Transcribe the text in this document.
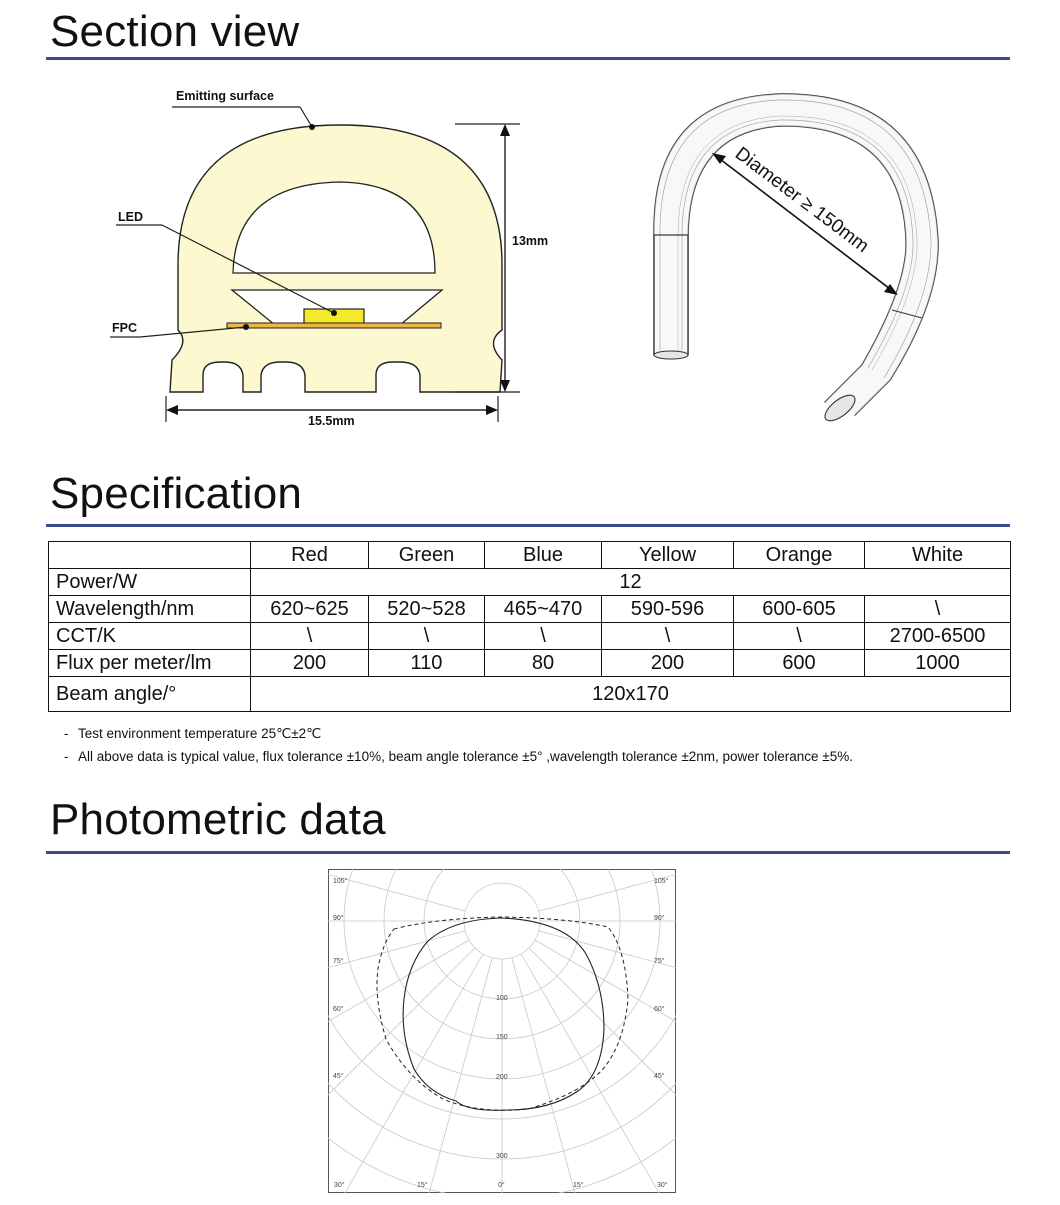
Section view
Emitting surface
LED
FPC
15.5mm
13mm	Diameter ≥ 150mm
Specification
	Red	Green	Blue	Yellow	Orange	White
Power/W	12					
Wavelength/nm	620~625	520~528	465~470	590-596	600-605	\
CCT/K	\	\	\	\	\	2700-6500
Flux per meter/lm	200	110	80	200	600	1000
Beam angle/°	120x170					
- Test environment temperature 25℃±2℃
- All above data is typical value, flux tolerance ±10%, beam angle tolerance ±5° ,wavelength tolerance ±2nm, power tolerance ±5%.
Photometric data
105°
90°
75°
60°
45°
105°
90°
75°
60°
45°
30°	15°	0°	15°	30°
100
150
200
300
